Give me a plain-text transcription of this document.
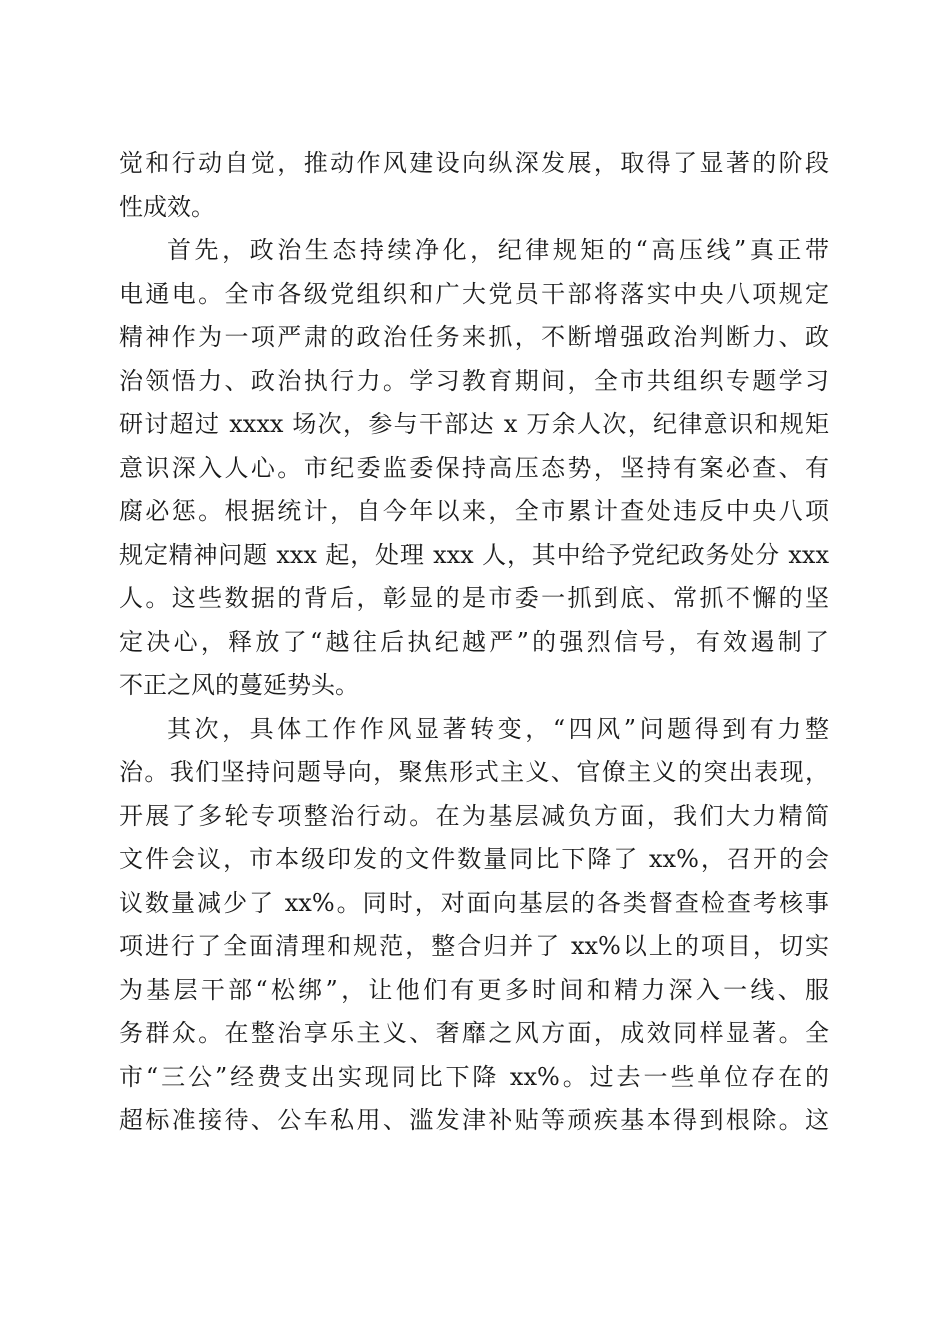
觉和行动自觉，推动作风建设向纵深发展，取得了显著的阶段
性成效。
首先，政治生态持续净化，纪律规矩的“高压线”真正带
电通电。全市各级党组织和广大党员干部将落实中央八项规定
精神作为一项严肃的政治任务来抓，不断增强政治判断力、政
治领悟力、政治执行力。学习教育期间，全市共组织专题学习
研讨超过 xxxx 场次，参与干部达 x 万余人次，纪律意识和规矩
意识深入人心。市纪委监委保持高压态势，坚持有案必查、有
腐必惩。根据统计，自今年以来，全市累计查处违反中央八项
规定精神问题 xxx 起，处理 xxx 人，其中给予党纪政务处分 xxx
人。这些数据的背后，彰显的是市委一抓到底、常抓不懈的坚
定决心，释放了“越往后执纪越严”的强烈信号，有效遏制了
不正之风的蔓延势头。
其次，具体工作作风显著转变，“四风”问题得到有力整
治。我们坚持问题导向，聚焦形式主义、官僚主义的突出表现，
开展了多轮专项整治行动。在为基层减负方面，我们大力精简
文件会议，市本级印发的文件数量同比下降了 xx%，召开的会
议数量减少了 xx%。同时，对面向基层的各类督查检查考核事
项进行了全面清理和规范，整合归并了 xx%以上的项目，切实
为基层干部“松绑”，让他们有更多时间和精力深入一线、服
务群众。在整治享乐主义、奢靡之风方面，成效同样显著。全
市“三公”经费支出实现同比下降 xx%。过去一些单位存在的
超标准接待、公车私用、滥发津补贴等顽疾基本得到根除。这
